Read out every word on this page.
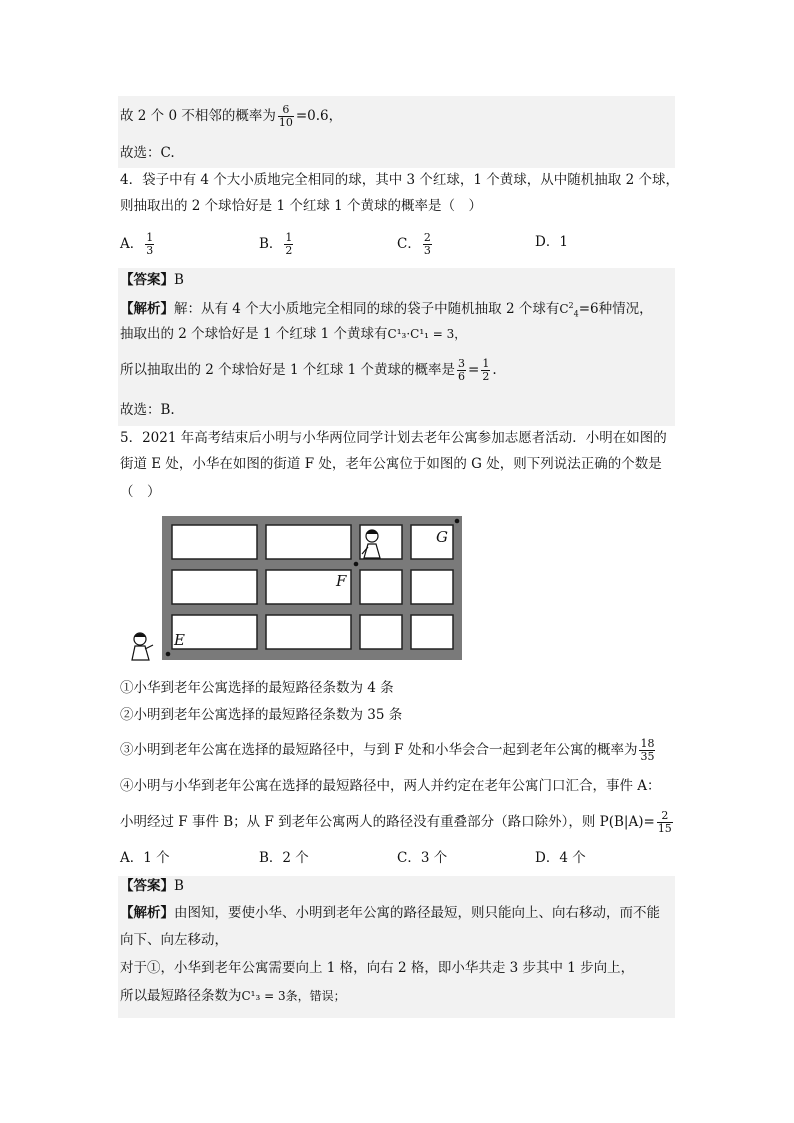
故 2 个 0 不相邻的概率为 $\frac{6}{10} =0.6$，
故选：C.
4．袋子中有 4 个大小质地完全相同的球，其中 3 个红球，1 个黄球，从中随机抽取 2 个球，
则抽取出的 2 个球恰好是 1 个红球 1 个黄球的概率是（　）
A． $\frac{1}{3}$	B． $\frac{1}{2}$	C． $\frac{2}{3}$	D．1
【答案】B
【解析】解：从有 4 个大小质地完全相同的球的袋子中随机抽取 2 个球有$C^2_4=6$种情况，
抽取出的 2 个球恰好是 1 个红球 1 个黄球有C¹₃·C¹₁ = 3，
所以抽取出的 2 个球恰好是 1 个红球 1 个黄球的概率是 $\frac{3}{6} = \frac{1}{2}$ .
故选：B.
5．2021 年高考结束后小明与小华两位同学计划去老年公寓参加志愿者活动．小明在如图的
街道 E 处，小华在如图的街道 F 处，老年公寓位于如图的 G 处，则下列说法正确的个数是
（　）
E
F
G
①小华到老年公寓选择的最短路径条数为 4 条
②小明到老年公寓选择的最短路径条数为 35 条
③小明到老年公寓在选择的最短路径中，与到 F 处和小华会合一起到老年公寓的概率为 $\frac{18}{35}$
④小明与小华到老年公寓在选择的最短路径中，两人并约定在老年公寓门口汇合，事件 A：
小明经过 F 事件 B；从 F 到老年公寓两人的路径没有重叠部分（路口除外），则 $P(B|A)= \frac{2}{15}$
A．1 个	B．2 个	C．3 个	D．4 个
【答案】B
【解析】由图知，要使小华、小明到老年公寓的路径最短，则只能向上、向右移动，而不能
向下、向左移动，
对于①，小华到老年公寓需要向上 1 格，向右 2 格，即小华共走 3 步其中 1 步向上，
所以最短路径条数为C¹₃ = 3条，错误；
